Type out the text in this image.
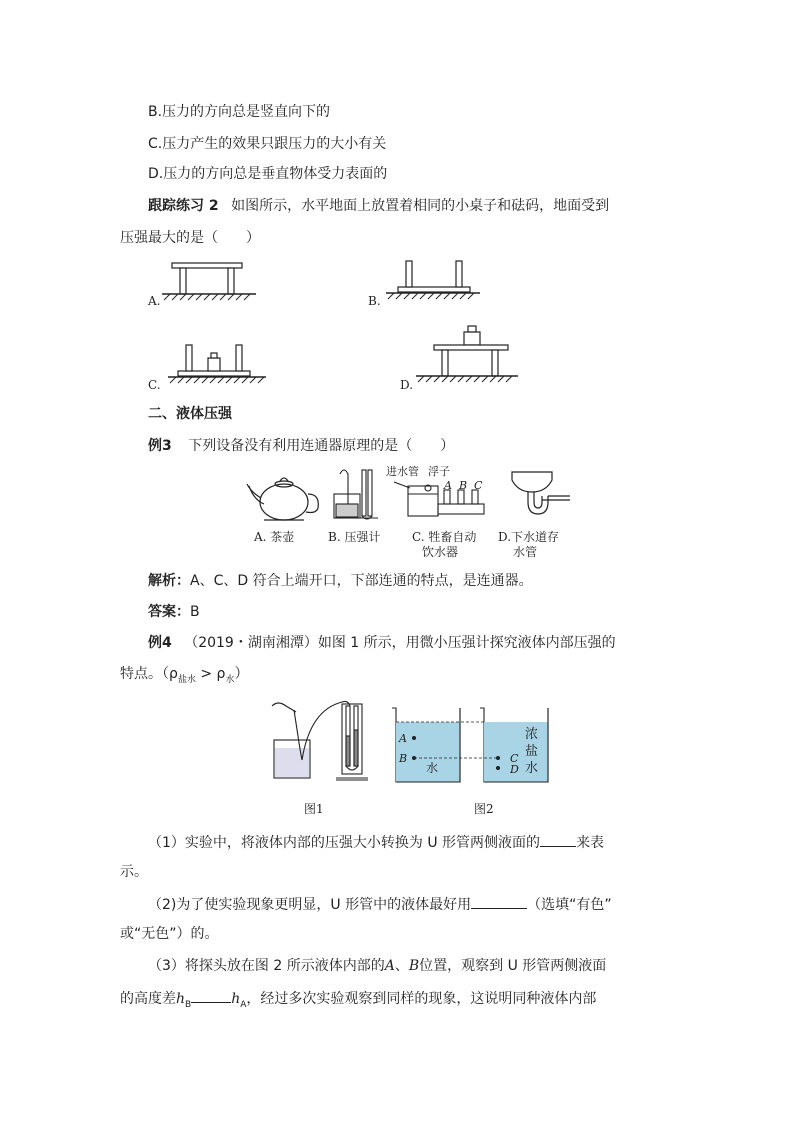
B.压力的方向总是竖直向下的
C.压力产生的效果只跟压力的大小有关
D.压力的方向总是垂直物体受力表面的
跟踪练习 2 如图所示，水平地面上放置着相同的小桌子和砝码，地面受到
压强最大的是（　　）
A.	B.
C.	D.
二、液体压强
例3 下列设备没有利用连通器原理的是（　　）
进水管 浮子
A B C
A. 茶壶	B. 压强计	C. 牲畜自动
饮水器
D.下水道存
水管
解析：A、C、D 符合上端开口，下部连通的特点，是连通器。
答案：B
例4 （2019・湖南湘潭）如图 1 所示，用微小压强计探究液体内部压强的
特点。$(\rho_{盐水} > \rho_水)$
图1
A
B	C
D
水
浓
盐
水
图2
（1）实验中，将液体内部的压强大小转换为 U 形管两侧液面的	来表
示。
（2)为了使实验现象更明显，U 形管中的液体最好用	（选填“有色”
或“无色”）的。
（3）将探头放在图 2 所示液体内部的A、B位置，观察到 U 形管两侧液面
的高度差$h_B$	$h_A$，经过多次实验观察到同样的现象，这说明同种液体内部
